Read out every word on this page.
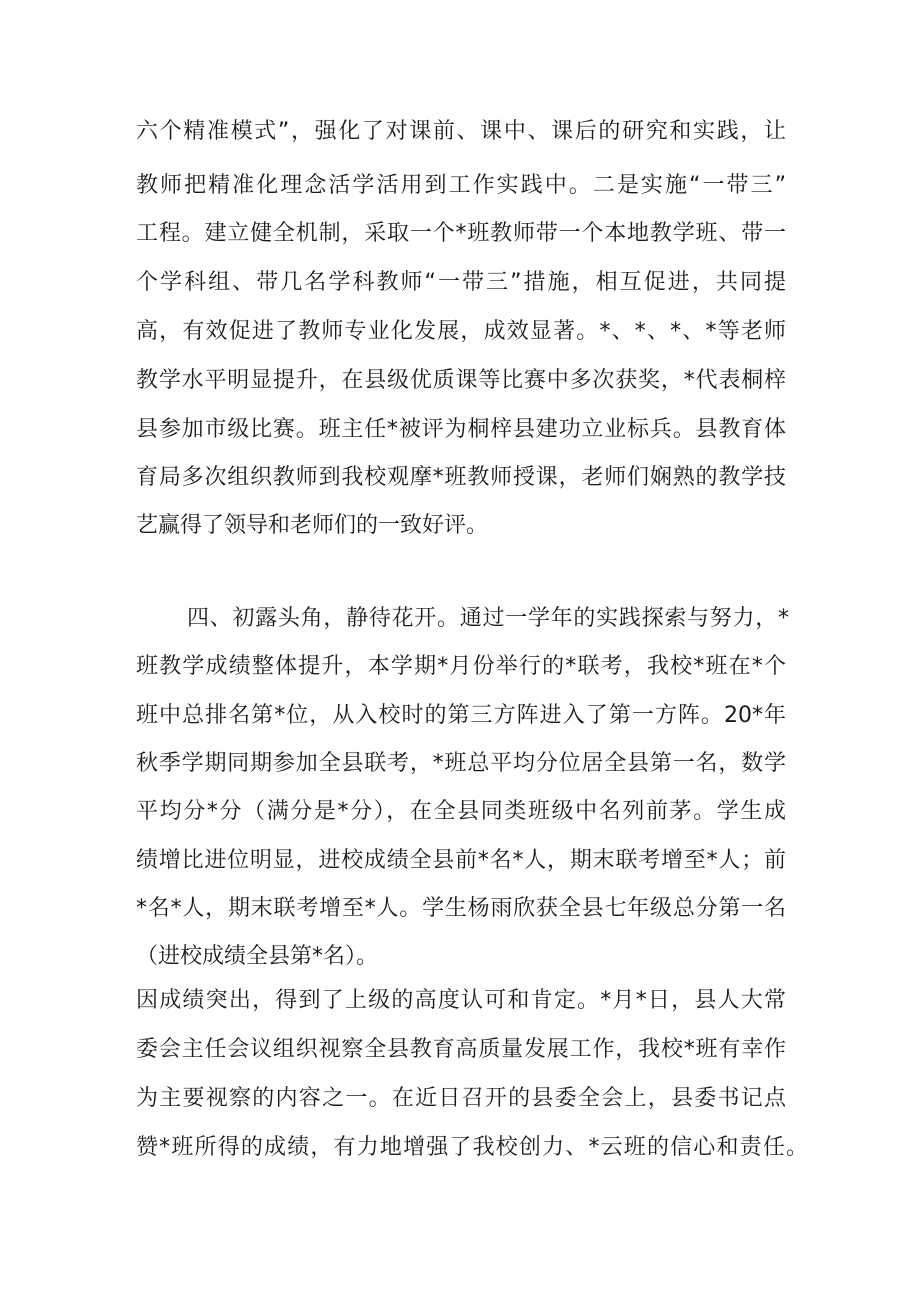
六个精准模式”，强化了对课前、课中、课后的研究和实践，让
教师把精准化理念活学活用到工作实践中。二是实施“一带三”
工程。建立健全机制，采取一个*班教师带一个本地教学班、带一
个学科组、带几名学科教师“一带三”措施，相互促进，共同提
高，有效促进了教师专业化发展，成效显著。*、*、*、*等老师
教学水平明显提升，在县级优质课等比赛中多次获奖，*代表桐梓
县参加市级比赛。班主任*被评为桐梓县建功立业标兵。县教育体
育局多次组织教师到我校观摩*班教师授课，老师们娴熟的教学技
艺赢得了领导和老师们的一致好评。
四、初露头角，静待花开。通过一学年的实践探索与努力，*
班教学成绩整体提升，本学期*月份举行的*联考，我校*班在*个
班中总排名第*位，从入校时的第三方阵进入了第一方阵。20*年
秋季学期同期参加全县联考，*班总平均分位居全县第一名，数学
平均分*分（满分是*分），在全县同类班级中名列前茅。学生成
绩增比进位明显，进校成绩全县前*名*人，期末联考增至*人；前
*名*人，期末联考增至*人。学生杨雨欣获全县七年级总分第一名
（进校成绩全县第*名）。
因成绩突出，得到了上级的高度认可和肯定。*月*日，县人大常
委会主任会议组织视察全县教育高质量发展工作，我校*班有幸作
为主要视察的内容之一。在近日召开的县委全会上，县委书记点
赞*班所得的成绩，有力地增强了我校创力、*云班的信心和责任。
